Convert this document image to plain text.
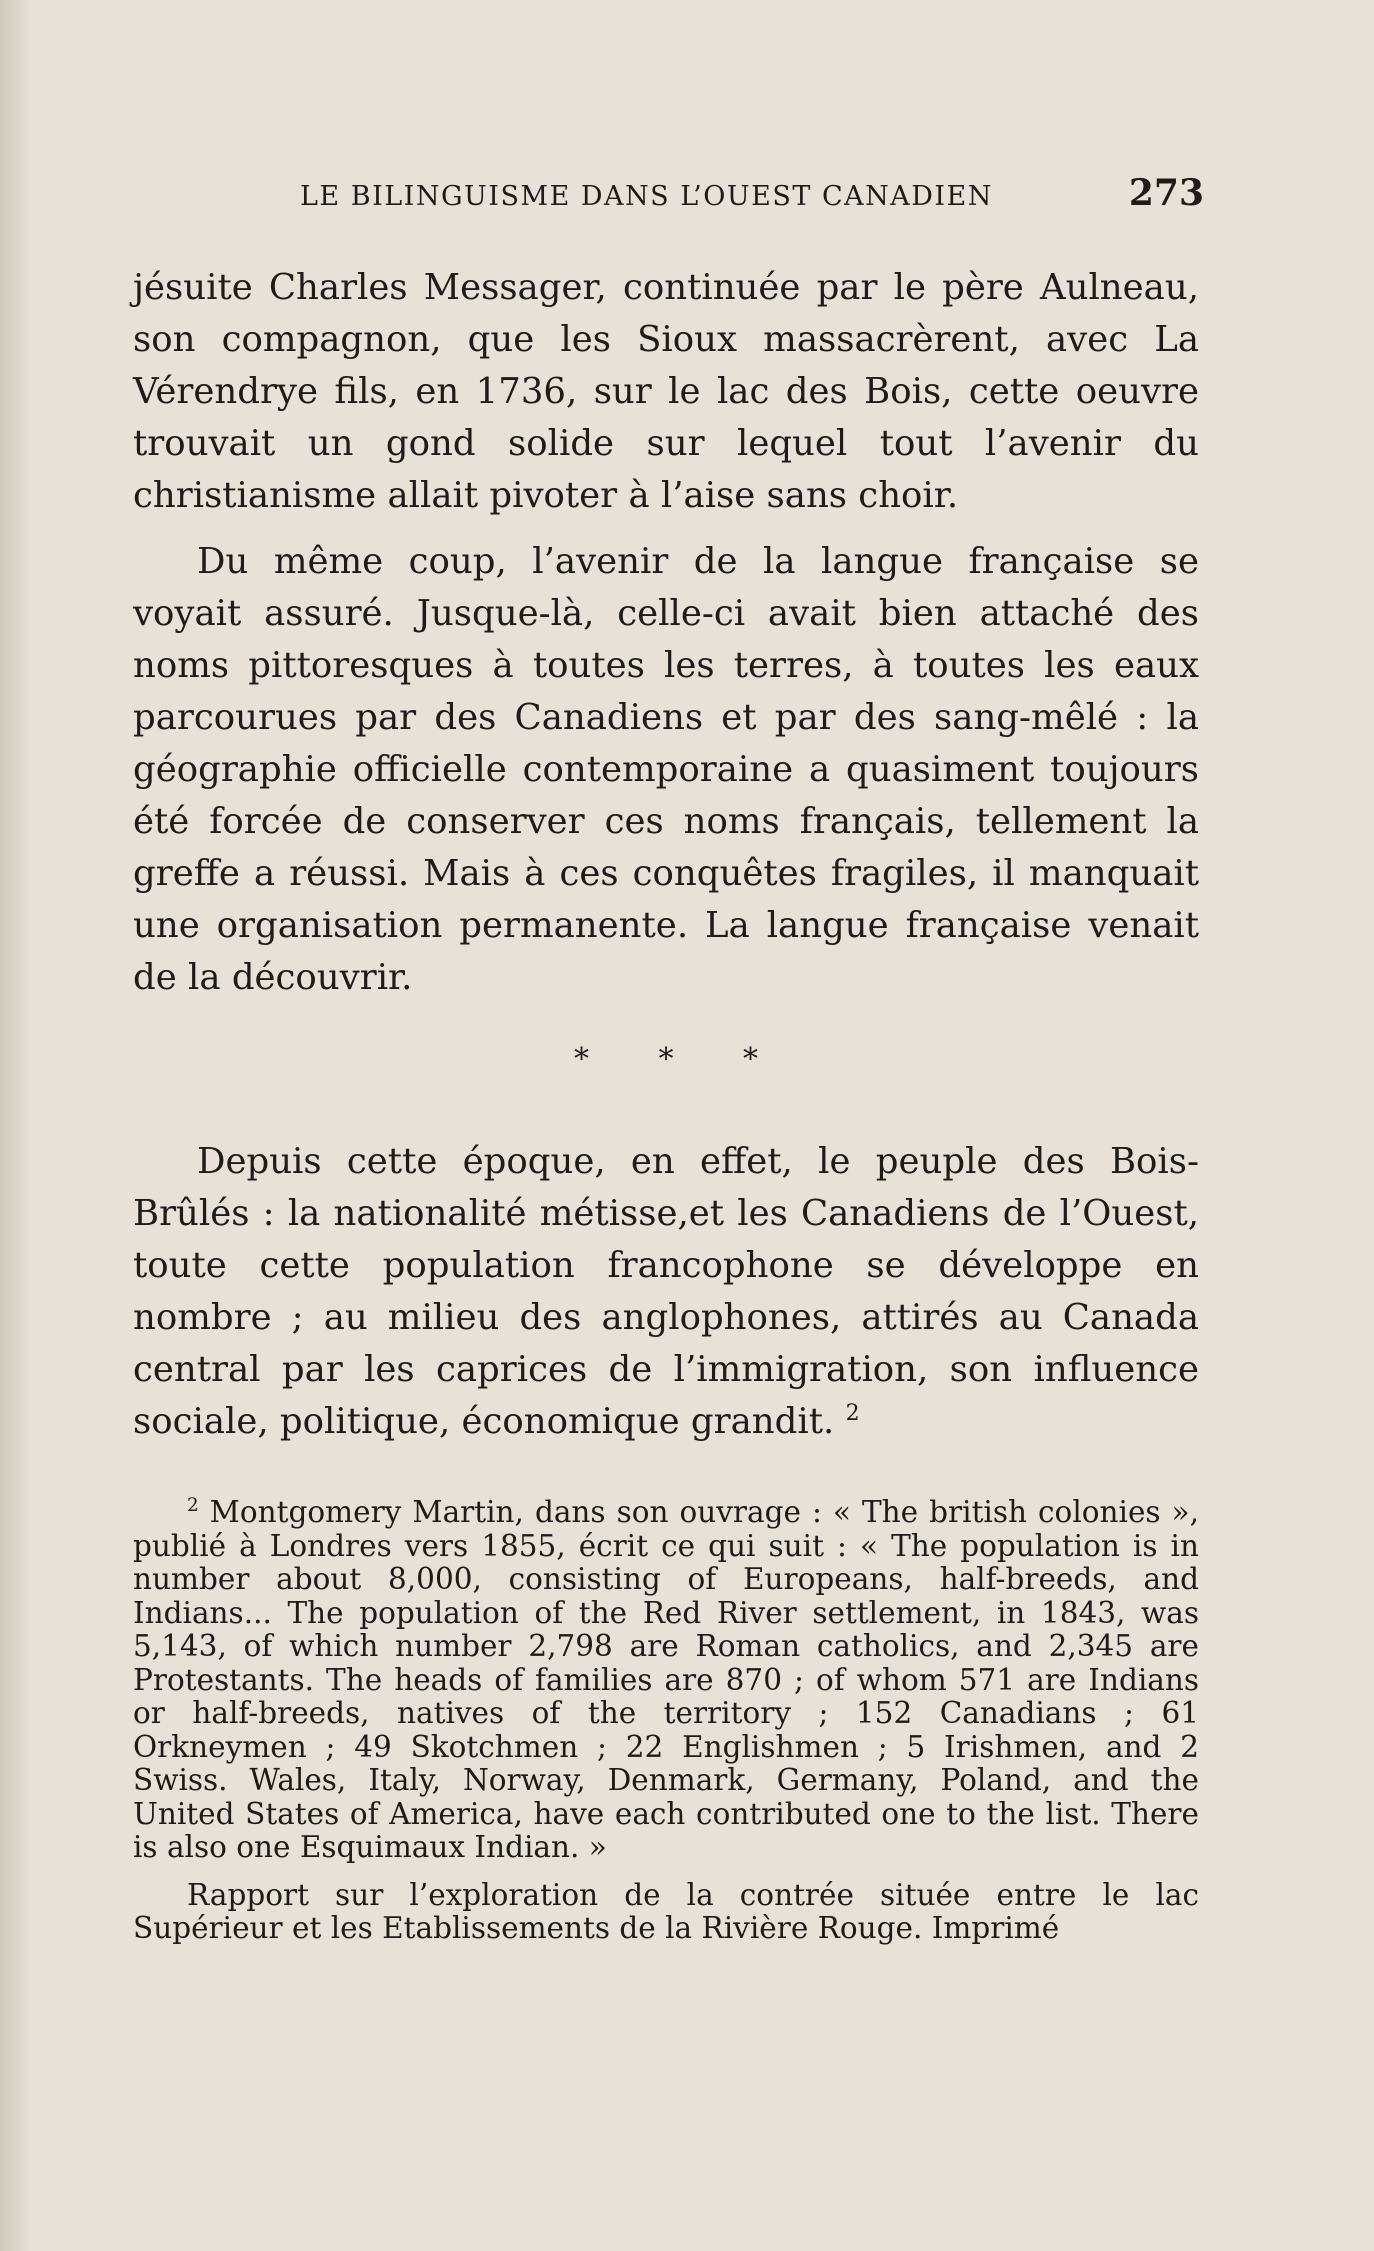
LE BILINGUISME DANS L’OUEST CANADIEN	273

jésuite Charles Messager, continuée par le père Aulneau, son compagnon, que les Sioux massacrèrent, avec La Vérendrye fils, en 1736, sur le lac des Bois, cette oeuvre trouvait un gond solide sur lequel tout l’avenir du christianisme allait pivoter à l’aise sans choir.

Du même coup, l’avenir de la langue française se voyait assuré. Jusque-là, celle-ci avait bien attaché des noms pittoresques à toutes les terres, à toutes les eaux parcourues par des Canadiens et par des sang-mêlé : la géographie officielle contemporaine a quasiment toujours été forcée de conserver ces noms français, tellement la greffe a réussi. Mais à ces conquêtes fragiles, il manquait une organisation permanente. La langue française venait de la découvrir.

* * *

Depuis cette époque, en effet, le peuple des Bois-Brûlés : la nationalité métisse,et les Canadiens de l’Ouest, toute cette population francophone se développe en nombre ; au milieu des anglophones, attirés au Canada central par les caprices de l’immigration, son influence sociale, politique, économique grandit. $^2$

$^2$ Montgomery Martin, dans son ouvrage : « The british colonies », publié à Londres vers 1855, écrit ce qui suit : « The population is in number about 8,000, consisting of Europeans, half-breeds, and Indians... The population of the Red River settlement, in 1843, was 5,143, of which number 2,798 are Roman catholics, and 2,345 are Protestants. The heads of families are 870 ; of whom 571 are Indians or half-breeds, natives of the territory ; 152 Canadians ; 61 Orkneymen ; 49 Skotchmen ; 22 Englishmen ; 5 Irishmen, and 2 Swiss. Wales, Italy, Norway, Denmark, Germany, Poland, and the United States of America, have each contributed one to the list. There is also one Esquimaux Indian. »

Rapport sur l’exploration de la contrée située entre le lac Supérieur et les Etablissements de la Rivière Rouge. Imprimé
